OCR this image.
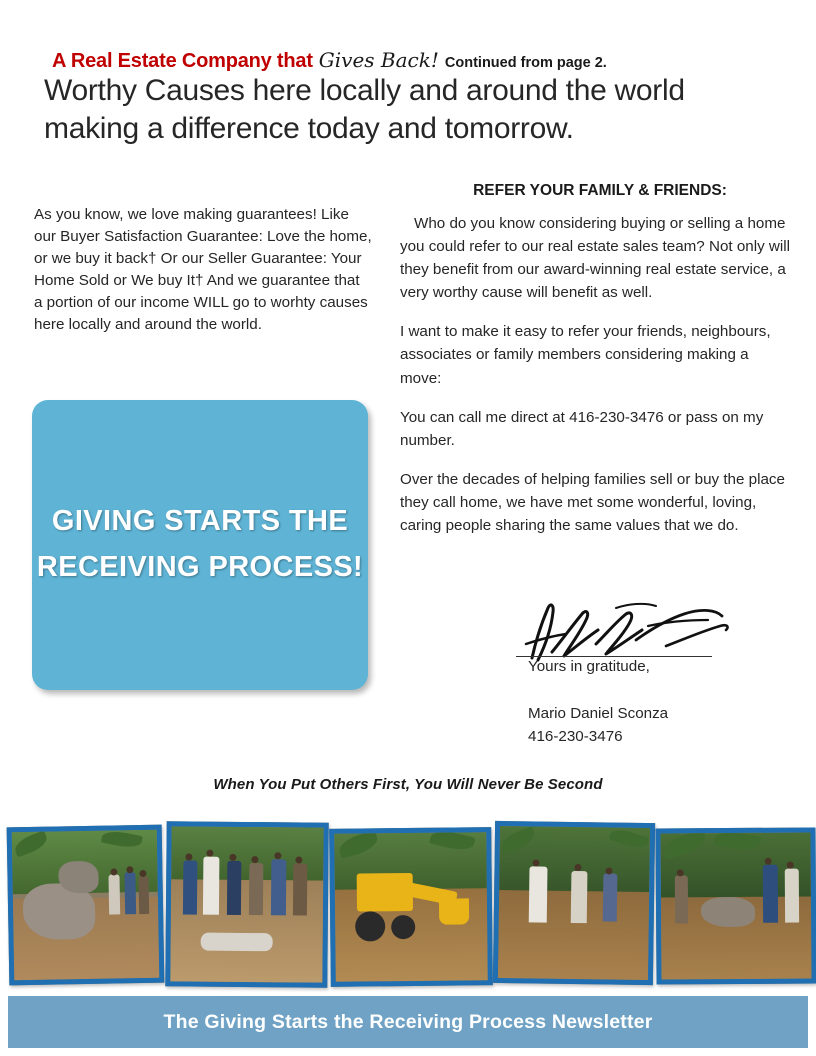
A Real Estate Company that Gives Back! Continued from page 2.
Worthy Causes here locally and around the world making a difference today and tomorrow.
As you know, we love making guarantees! Like our Buyer Satisfaction Guarantee: Love the home, or we buy it back† Or our Seller Guarantee: Your Home Sold or We buy It† And we guarantee that a portion of our income WILL go to worhty causes here locally and around the world.
GIVING STARTS THE RECEIVING PROCESS!
REFER YOUR FAMILY & FRIENDS:

Who do you know considering buying or selling a home you could refer to our real estate sales team? Not only will they benefit from our award-winning real estate service, a very worthy cause will benefit as well.

I want to make it easy to refer your friends, neighbours, associates or family members considering making a move:

You can call me direct at 416-230-3476 or pass on my number.

Over the decades of helping families sell or buy the place they call home, we have met some wonderful, loving, caring people sharing the same values that we do.

Yours in gratitude,
Mario Daniel Sconza
416-230-3476
When You Put Others First, You Will Never Be Second
The Giving Starts the Receiving Process Newsletter
